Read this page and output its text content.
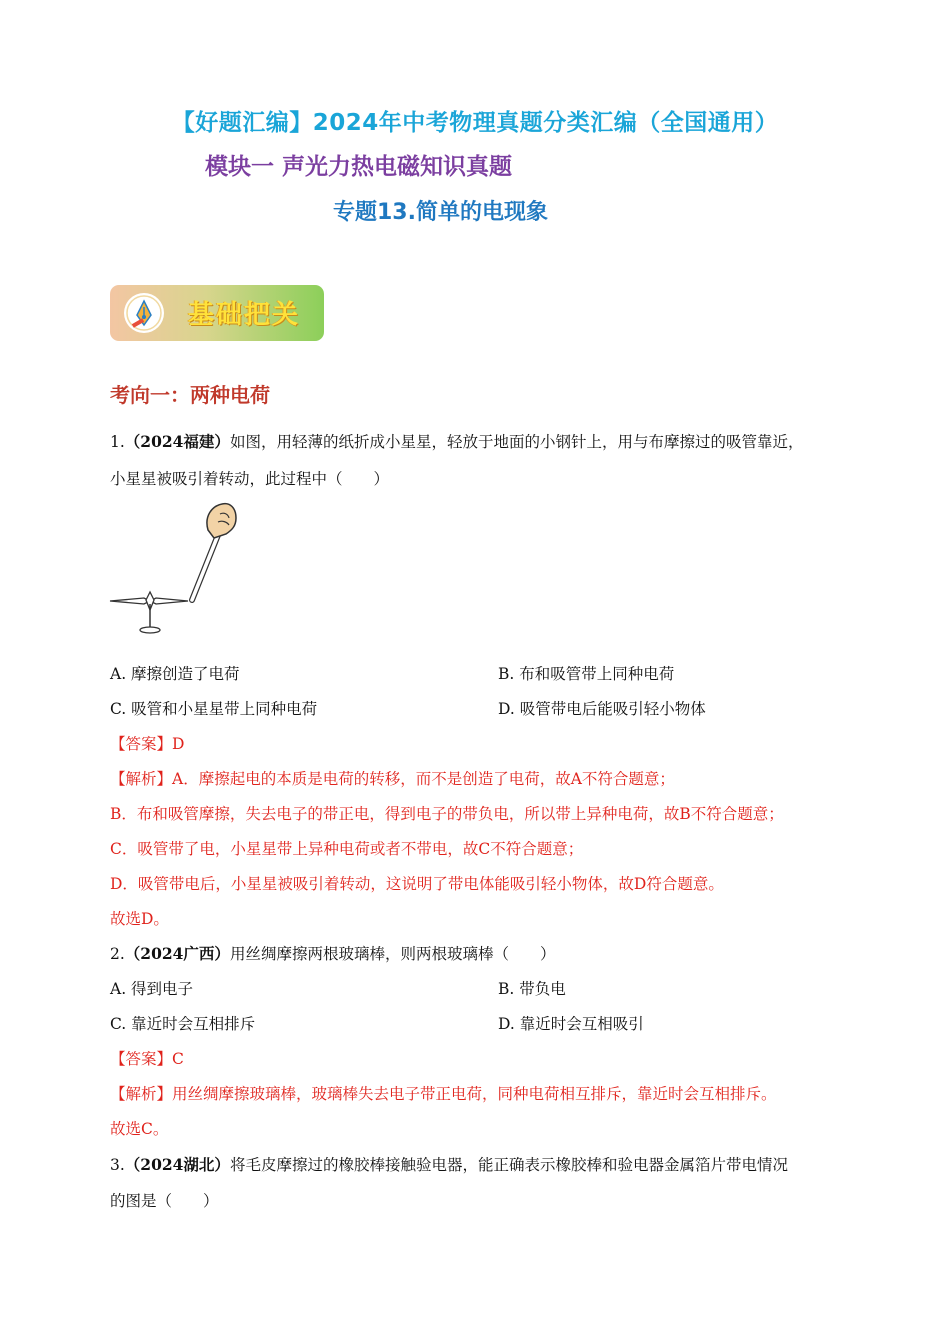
【好题汇编】2024年中考物理真题分类汇编（全国通用）
模块一 声光力热电磁知识真题
专题13.简单的电现象
基础把关
考向一：两种电荷
1.（2024福建）如图，用轻薄的纸折成小星星，轻放于地面的小钢针上，用与布摩擦过的吸管靠近，
小星星被吸引着转动，此过程中（　　）
A. 摩擦创造了电荷	B. 布和吸管带上同种电荷
C. 吸管和小星星带上同种电荷	D. 吸管带电后能吸引轻小物体
【答案】D
【解析】A．摩擦起电的本质是电荷的转移，而不是创造了电荷，故A不符合题意；
B．布和吸管摩擦，失去电子的带正电，得到电子的带负电，所以带上异种电荷，故B不符合题意；
C．吸管带了电，小星星带上异种电荷或者不带电，故C不符合题意；
D．吸管带电后，小星星被吸引着转动，这说明了带电体能吸引轻小物体，故D符合题意。
故选D。
2.（2024广西）用丝绸摩擦两根玻璃棒，则两根玻璃棒（　　）
A. 得到电子	B. 带负电
C. 靠近时会互相排斥	D. 靠近时会互相吸引
【答案】C
【解析】用丝绸摩擦玻璃棒，玻璃棒失去电子带正电荷，同种电荷相互排斥，靠近时会互相排斥。
故选C。
3.（2024湖北）将毛皮摩擦过的橡胶棒接触验电器，能正确表示橡胶棒和验电器金属箔片带电情况
的图是（　　）
